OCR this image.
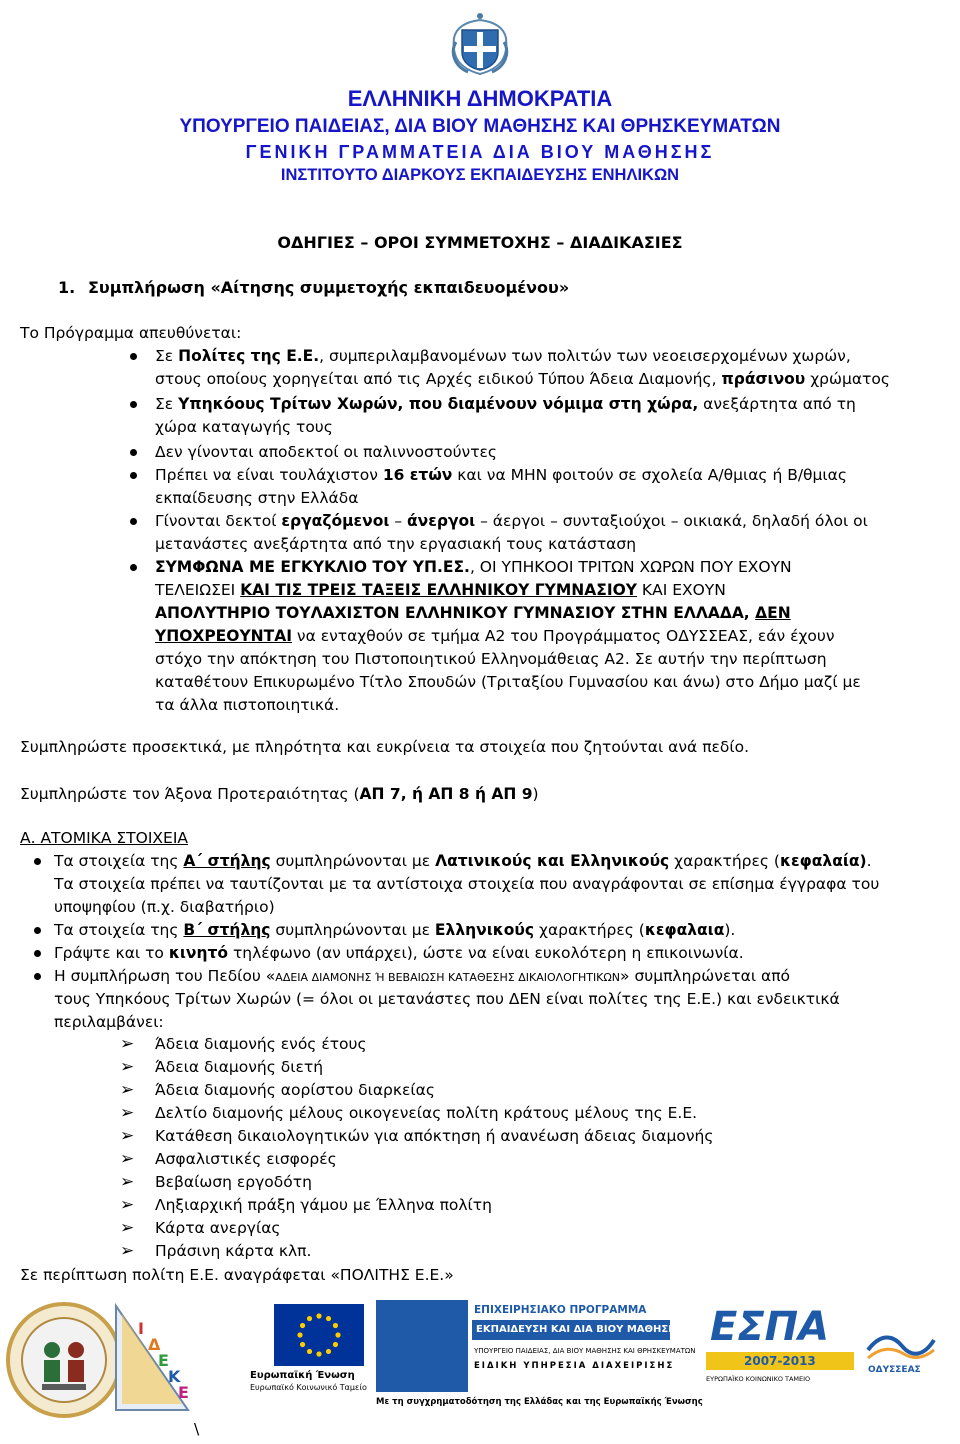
ΕΛΛΗΝΙΚΗ ΔΗΜΟΚΡΑΤΙΑ
ΥΠΟΥΡΓΕΙΟ ΠΑΙΔΕΙΑΣ, ΔΙΑ ΒΙΟΥ ΜΑΘΗΣΗΣ ΚΑΙ ΘΡΗΣΚΕΥΜΑΤΩΝ
ΓΕΝΙΚΗ ΓΡΑΜΜΑΤΕΙΑ ΔΙΑ ΒΙΟΥ ΜΑΘΗΣΗΣ
ΙΝΣΤΙΤΟΥΤΟ ΔΙΑΡΚΟΥΣ ΕΚΠΑΙΔΕΥΣΗΣ ΕΝΗΛΙΚΩΝ
ΟΔΗΓΙΕΣ – ΟΡΟΙ ΣΥΜΜΕΤΟΧΗΣ – ΔΙΑΔΙΚΑΣΙΕΣ
1. Συμπλήρωση «Αίτησης συμμετοχής εκπαιδευομένου»
Το Πρόγραμμα απευθύνεται:
Σε Πολίτες της Ε.Ε., συμπεριλαμβανομένων των πολιτών των νεοεισερχομένων χωρών,
στους οποίους χορηγείται από τις Αρχές ειδικού Τύπου Άδεια Διαμονής, πράσινου χρώματος
Σε Υπηκόους Τρίτων Χωρών, που διαμένουν νόμιμα στη χώρα, ανεξάρτητα από τη
χώρα καταγωγής τους
Δεν γίνονται αποδεκτοί οι παλιννοστούντες
Πρέπει να είναι τουλάχιστον 16 ετών και να ΜΗΝ φοιτούν σε σχολεία Α/θμιας ή Β/θμιας
εκπαίδευσης στην Ελλάδα
Γίνονται δεκτοί εργαζόμενοι – άνεργοι – άεργοι – συνταξιούχοι – οικιακά, δηλαδή όλοι οι
μετανάστες ανεξάρτητα από την εργασιακή τους κατάσταση
ΣΥΜΦΩΝΑ ΜΕ ΕΓΚΥΚΛΙΟ ΤΟΥ ΥΠ.ΕΣ., ΟΙ ΥΠΗΚΟΟΙ ΤΡΙΤΩΝ ΧΩΡΩΝ ΠΟΥ ΕΧΟΥΝ
ΤΕΛΕΙΩΣΕΙ ΚΑΙ ΤΙΣ ΤΡΕΙΣ ΤΑΞΕΙΣ ΕΛΛΗΝΙΚΟΥ ΓΥΜΝΑΣΙΟΥ ΚΑΙ ΕΧΟΥΝ
ΑΠΟΛΥΤΗΡΙΟ ΤΟΥΛΑΧΙΣΤΟΝ ΕΛΛΗΝΙΚΟΥ ΓΥΜΝΑΣΙΟΥ ΣΤΗΝ ΕΛΛΑΔΑ, ΔΕΝ
ΥΠΟΧΡΕΟΥΝΤΑΙ να ενταχθούν σε τμήμα Α2 του Προγράμματος ΟΔΥΣΣΕΑΣ, εάν έχουν
στόχο την απόκτηση του Πιστοποιητικού Ελληνομάθειας Α2. Σε αυτήν την περίπτωση
καταθέτουν Επικυρωμένο Τίτλο Σπουδών (Τριταξίου Γυμνασίου και άνω) στο Δήμο μαζί με
τα άλλα πιστοποιητικά.
Συμπληρώστε προσεκτικά, με πληρότητα και ευκρίνεια τα στοιχεία που ζητούνται ανά πεδίο.
Συμπληρώστε τον Άξονα Προτεραιότητας (ΑΠ 7, ή ΑΠ 8 ή ΑΠ 9)
Α. ΑΤΟΜΙΚΑ ΣΤΟΙΧΕΙΑ
Τα στοιχεία της Α΄ στήλης συμπληρώνονται με Λατινικούς και Ελληνικούς χαρακτήρες (κεφαλαία).
Τα στοιχεία πρέπει να ταυτίζονται με τα αντίστοιχα στοιχεία που αναγράφονται σε επίσημα έγγραφα του
υποψηφίου (π.χ. διαβατήριο)
Τα στοιχεία της Β΄ στήλης συμπληρώνονται με Ελληνικούς χαρακτήρες (κεφαλαια).
Γράψτε και το κινητό τηλέφωνο (αν υπάρχει), ώστε να είναι ευκολότερη η επικοινωνία.
Η συμπλήρωση του Πεδίου «ΑΔΕΙΑ ΔΙΑΜΟΝΗΣ Ή ΒΕΒΑΙΩΣΗ ΚΑΤΑΘΕΣΗΣ ΔΙΚΑΙΟΛΟΓΗΤΙΚΩΝ» συμπληρώνεται από
τους Υπηκόους Τρίτων Χωρών (= όλοι οι μετανάστες που ΔΕΝ είναι πολίτες της Ε.Ε.) και ενδεικτικά
περιλαμβάνει:
➢ Άδεια διαμονής ενός έτους
➢ Άδεια διαμονής διετή
➢ Άδεια διαμονής αορίστου διαρκείας
➢ Δελτίο διαμονής μέλους οικογενείας πολίτη κράτους μέλους της Ε.Ε.
➢ Κατάθεση δικαιολογητικών για απόκτηση ή ανανέωση άδειας διαμονής
➢ Ασφαλιστικές εισφορές
➢ Βεβαίωση εργοδότη
➢ Ληξιαρχική πράξη γάμου με Έλληνα πολίτη
➢ Κάρτα ανεργίας
➢ Πράσινη κάρτα κλπ.
Σε περίπτωση πολίτη Ε.Ε. αναγράφεται «ΠΟΛΙΤΗΣ Ε.Ε.»
Ι
Δ
Ε
Κ
Ε
Ευρωπαϊκή Ένωση
Ευρωπαϊκό Κοινωνικό Ταμείο
ΕΠΙΧΕΙΡΗΣΙΑΚΟ ΠΡΟΓΡΑΜΜΑ
ΕΚΠΑΙΔΕΥΣΗ ΚΑΙ ΔΙΑ ΒΙΟΥ ΜΑΘΗΣΗ
ΥΠΟΥΡΓΕΙΟ ΠΑΙΔΕΙΑΣ, ΔΙΑ ΒΙΟΥ ΜΑΘΗΣΗΣ ΚΑΙ ΘΡΗΣΚΕΥΜΑΤΩΝ
ΕΙΔΙΚΗ ΥΠΗΡΕΣΙΑ ΔΙΑΧΕΙΡΙΣΗΣ
ΕΣΠΑ
2007-2013
ΕΥΡΩΠΑΪΚΟ ΚΟΙΝΩΝΙΚΟ ΤΑΜΕΙΟ
ΟΔΥΣΣΕΑΣ
Με τη συγχρηματοδότηση της Ελλάδας και της Ευρωπαϊκής Ένωσης
\
